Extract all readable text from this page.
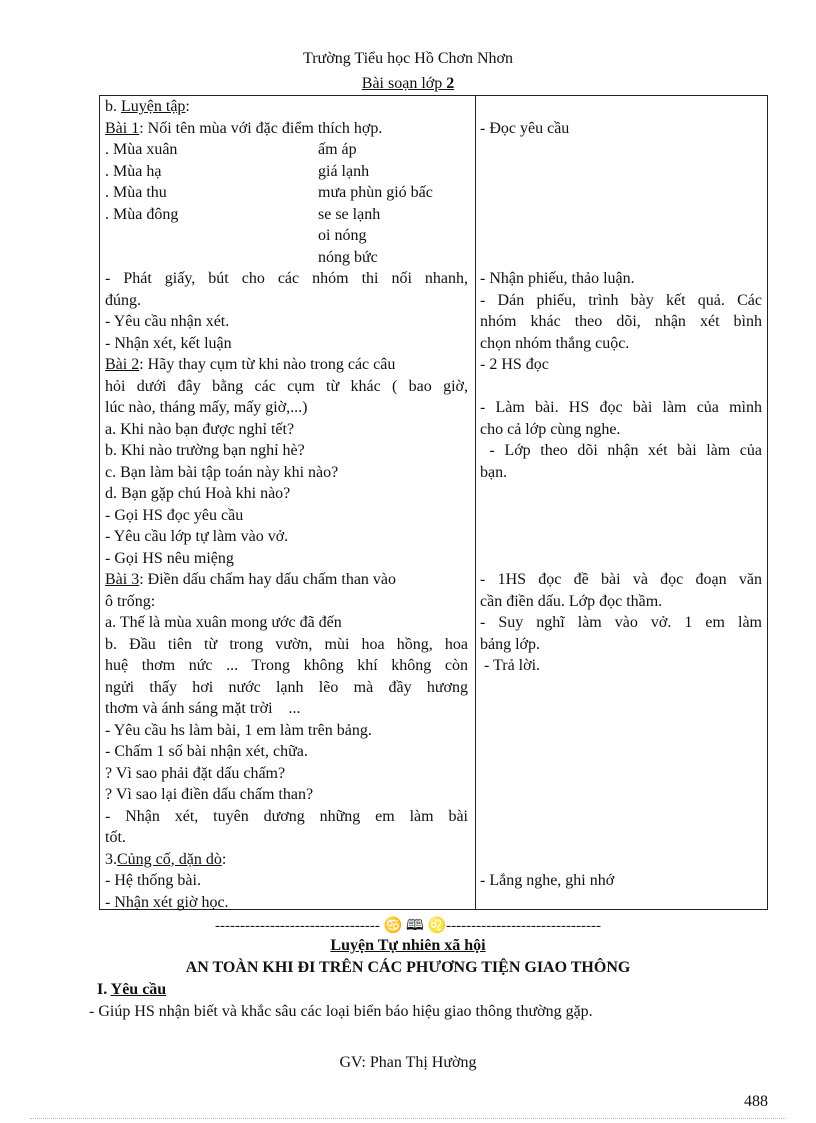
Trường Tiểu học Hồ Chơn Nhơn
Bài soạn lớp 2
b. Luyện tập:
Bài 1: Nối tên mùa với đặc điểm thích hợp.
. Mùa xuân
. Mùa hạ
. Mùa thu
. Mùa đông
ấm áp
giá lạnh
mưa phùn gió bấc
se se lạnh
oi nóng
nóng bức
- Phát giấy, bút cho các nhóm thi nối nhanh,
đúng.
- Yêu cầu nhận xét.
- Nhận xét, kết luận
Bài 2: Hãy thay cụm từ khi nào trong các câu
hỏi dưới đây bằng các cụm từ khác ( bao giờ,
lúc nào, tháng mấy, mấy giờ,...)
a. Khi nào bạn được nghỉ tết?
b. Khi nào trường bạn nghỉ hè?
c. Bạn làm bài tập toán này khi nào?
d. Bạn gặp chú Hoà khi nào?
- Gọi HS đọc yêu cầu
- Yêu cầu lớp tự làm vào vở.
- Gọi HS nêu miệng
Bài 3: Điền dấu chấm hay dấu chấm than vào
ô trống:
a. Thế là mùa xuân mong ước đã đến
b. Đầu tiên từ trong vườn, mùi hoa hồng, hoa
huệ thơm nức ... Trong không khí không còn
ngửi thấy hơi nước lạnh lẽo mà đầy hương
thơm và ánh sáng mặt trời    ...
- Yêu cầu hs làm bài, 1 em làm trên bảng.
- Chấm 1 số bài nhận xét, chữa.
? Vì sao phải đặt dấu chấm?
? Vì sao lại điền dấu chấm than?
- Nhận xét, tuyên dương những em làm bài
tốt.
3.Củng cố, dặn dò:
- Hệ thống bài.
- Nhận xét giờ học.
- Đọc yêu cầu
- Nhận phiếu, thảo luận.
- Dán phiếu, trình bày kết quả. Các
nhóm khác theo dõi, nhận xét bình
chọn nhóm thắng cuộc.
- 2 HS đọc
- Làm bài. HS đọc bài làm của mình
cho cả lớp cùng nghe.
- Lớp theo dõi nhận xét bài làm của
bạn.
- 1HS đọc đề bài và đọc đoạn văn
cần điền dấu. Lớp đọc thầm.
- Suy nghĩ làm vào vở. 1 em làm
bảng lớp.
- Trả lời.
- Lắng nghe, ghi nhớ
--------------------------------- ♋ 🕮 ♌-------------------------------
Luyện Tự nhiên xã hội
AN TOÀN KHI ĐI TRÊN CÁC PHƯƠNG TIỆN GIAO THÔNG
I. Yêu cầu
- Giúp HS nhận biết và khắc sâu các loại biển báo hiệu giao thông thường gặp.
GV: Phan Thị Hường
488
